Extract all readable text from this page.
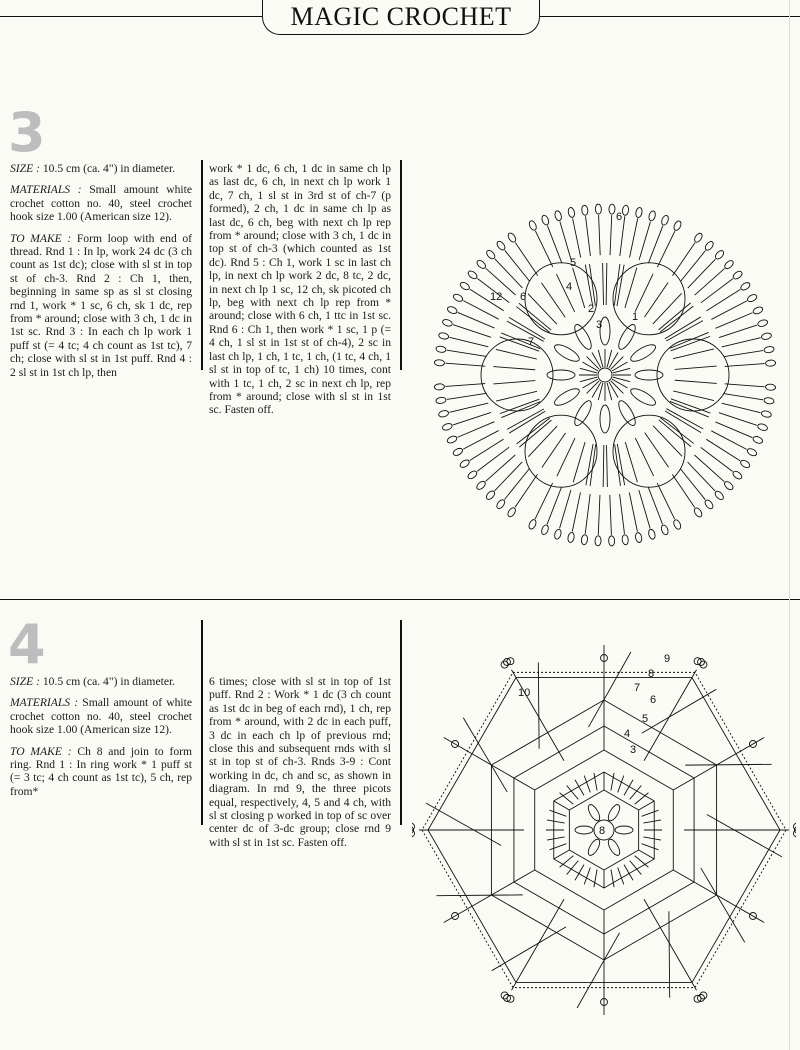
MAGIC CROCHET
3

SIZE : 10.5 cm (ca. 4") in diameter.

MATERIALS : Small amount white crochet cotton no. 40, steel crochet hook size 1.00 (American size 12).

TO MAKE : Form loop with end of thread. Rnd 1 : In lp, work 24 dc (3 ch count as 1st dc); close with sl st in top st of ch-3. Rnd 2 : Ch 1, then, beginning in same sp as sl st closing rnd 1, work * 1 sc, 6 ch, sk 1 dc, rep from * around; close with 3 ch, 1 dc in 1st sc. Rnd 3 : In each ch lp work 1 puff st (= 4 tc; 4 ch count as 1st tc), 7 ch; close with sl st in 1st puff. Rnd 4 : 2 sl st in 1st ch lp, then

work * 1 dc, 6 ch, 1 dc in same ch lp as last dc, 6 ch, in next ch lp work 1 dc, 7 ch, 1 sl st in 3rd st of ch-7 (p formed), 2 ch, 1 dc in same ch lp as last dc, 6 ch, beg with next ch lp rep from * around; close with 3 ch, 1 dc in top st of ch-3 (which counted as 1st dc). Rnd 5 : Ch 1, work 1 sc in last ch lp, in next ch lp work 2 dc, 8 tc, 2 dc, in next ch lp 1 sc, 12 ch, sk picoted ch lp, beg with next ch lp rep from * around; close with 6 ch, 1 ttc in 1st sc. Rnd 6 : Ch 1, then work * 1 sc, 1 p (= 4 ch, 1 sl st in 1st st of ch-4), 2 sc in last ch lp, 1 ch, 1 tc, 1 ch, (1 tc, 4 ch, 1 sl st in top of tc, 1 ch) 10 times, cont with 1 tc, 1 ch, 2 sc in next ch lp, rep from * around; close with sl st in 1st sc. Fasten off.

1
2
3
4
5
6
6
7
12
4

SIZE : 10.5 cm (ca. 4") in diameter.

MATERIALS : Small amount of white crochet cotton no. 40, steel crochet hook size 1.00 (American size 12).

TO MAKE : Ch 8 and join to form ring. Rnd 1 : In ring work * 1 puff st (= 3 tc; 4 ch count as 1st tc), 5 ch, rep from*

6 times; close with sl st in top of 1st puff. Rnd 2 : Work * 1 dc (3 ch count as 1st dc in beg of each rnd), 1 ch, rep from * around, with 2 dc in each puff, 3 dc in each ch lp of previous rnd; close this and subsequent rnds with sl st in top st of ch-3. Rnds 3-9 : Cont working in dc, ch and sc, as shown in diagram. In rnd 9, the three picots equal, respectively, 4, 5 and 4 ch, with sl st closing p worked in top of sc over center dc of 3-dc group; close rnd 9 with sl st in 1st sc. Fasten off.

3
4
5
6
7
8
9
10
8
